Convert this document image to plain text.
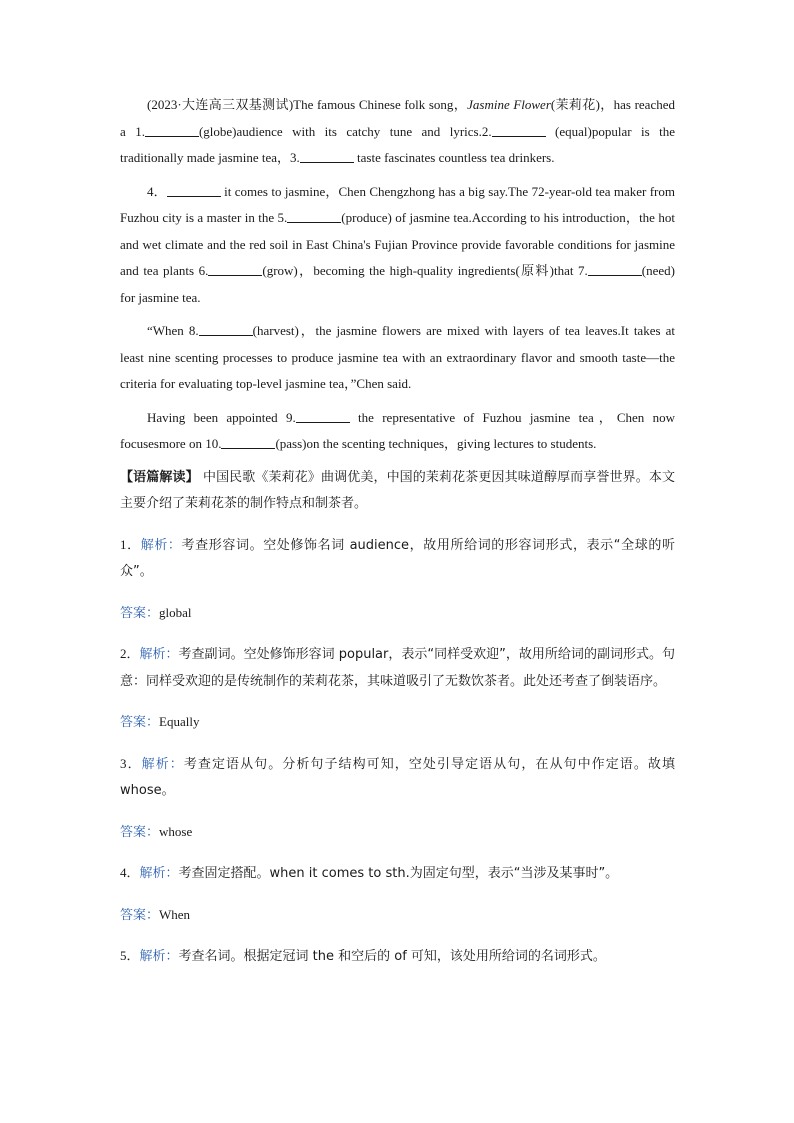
(2023·大连高三双基测试)The famous Chinese folk song，Jasmine Flower(茉莉花)，has reached a 1.	(globe)audience with its catchy tune and lyrics.2.	(equal)popular is the traditionally made jasmine tea，3.	taste fascinates countless tea drinkers.

4．	it comes to jasmine，Chen Chengzhong has a big say.The 72-year-old tea maker from Fuzhou city is a master in the 5.	(produce) of jasmine tea.According to his introduction，the hot and wet climate and the red soil in East China's Fujian Province provide favorable conditions for jasmine and tea plants 6.	(grow)，becoming the high-quality ingredients(原料)that 7.	(need) for jasmine tea.

“When 8.	(harvest)，the jasmine flowers are mixed with layers of tea leaves.It takes at least nine scenting processes to produce jasmine tea with an extraordinary flavor and smooth taste—the criteria for evaluating top-level jasmine tea，”Chen said.

Having been appointed 9.	the representative of Fuzhou jasmine tea，Chen now focusesmore on 10.	(pass)on the scenting techniques，giving lectures to students.

【语篇解读】 中国民歌《茉莉花》曲调优美，中国的茉莉花茶更因其味道醇厚而享誉世界。本文主要介绍了茉莉花茶的制作特点和制茶者。

1．解析：考查形容词。空处修饰名词 audience，故用所给词的形容词形式，表示“全球的听众”。

答案：global

2．解析：考查副词。空处修饰形容词 popular，表示“同样受欢迎”，故用所给词的副词形式。句意：同样受欢迎的是传统制作的茉莉花茶，其味道吸引了无数饮茶者。此处还考查了倒装语序。

答案：Equally

3．解析：考查定语从句。分析句子结构可知，空处引导定语从句，在从句中作定语。故填 whose。

答案：whose

4．解析：考查固定搭配。when it comes to sth.为固定句型，表示“当涉及某事时”。

答案：When

5．解析：考查名词。根据定冠词 the 和空后的 of 可知，该处用所给词的名词形式。
